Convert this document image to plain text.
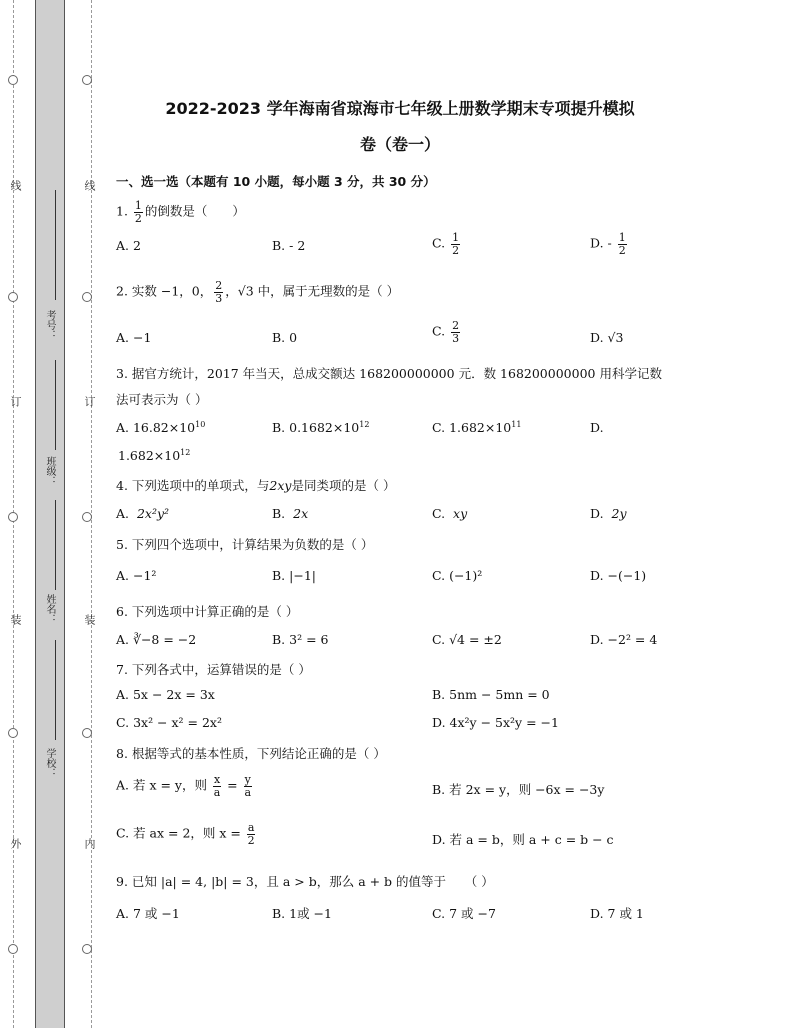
线
订
装
外
线
订
装
内
考号：
班级：
姓名：
学校：
2022-2023 学年海南省琼海市七年级上册数学期末专项提升模拟
卷（卷一）
一、选一选（本题有 10 小题，每小题 3 分，共 30 分）
1. $\frac{1}{2}$ 的倒数是（　　）
A. 2	B. - 2	C. $\frac{1}{2}$	D. - $\frac{1}{2}$
2. 实数 −1，0， $\frac{2}{3}$ ，√3 中，属于无理数的是（ ）
A. −1	B. 0	C. $\frac{2}{3}$	D. √3
3. 据官方统计，2017 年当天，总成交额达 168200000000 元．数 168200000000 用科学记数
法可表示为（ ）
A. $16.82\times 10^{10}$	B. $0.1682\times 10^{12}$	C. $1.682\times 10^{11}$	D.
$1.682\times 10^{12}$
4. 下列选项中的单项式，与2xy是同类项的是（ ）
A. 2x²y²	B. 2x	C. xy	D. 2y
5. 下列四个选项中，计算结果为负数的是（ ）
A. −1²	B. |−1|	C. (−1)²	D. −(−1)
6. 下列选项中计算正确的是（ ）
A. ∛−8 = −2	B. 3² = 6	C. √4 = ±2	D. −2² = 4
7. 下列各式中，运算错误的是（ ）
A. 5x − 2x = 3x	B. 5nm − 5mn = 0
C. 3x² − x² = 2x²	D. 4x²y − 5x²y = −1
8. 根据等式的基本性质，下列结论正确的是（ ）
A. 若 x = y，则 $\frac{x}{a} = \frac{y}{a}$	B. 若 2x = y，则 −6x = −3y
C. 若 ax = 2，则 $x = \frac{a}{2}$	D. 若 a = b，则 a + c = b − c
9. 已知 |a| = 4, |b| = 3，且 a > b，那么 a + b 的值等于　　（ ）
A. 7 或 −1	B. 1或 −1	C. 7 或 −7	D. 7 或 1
